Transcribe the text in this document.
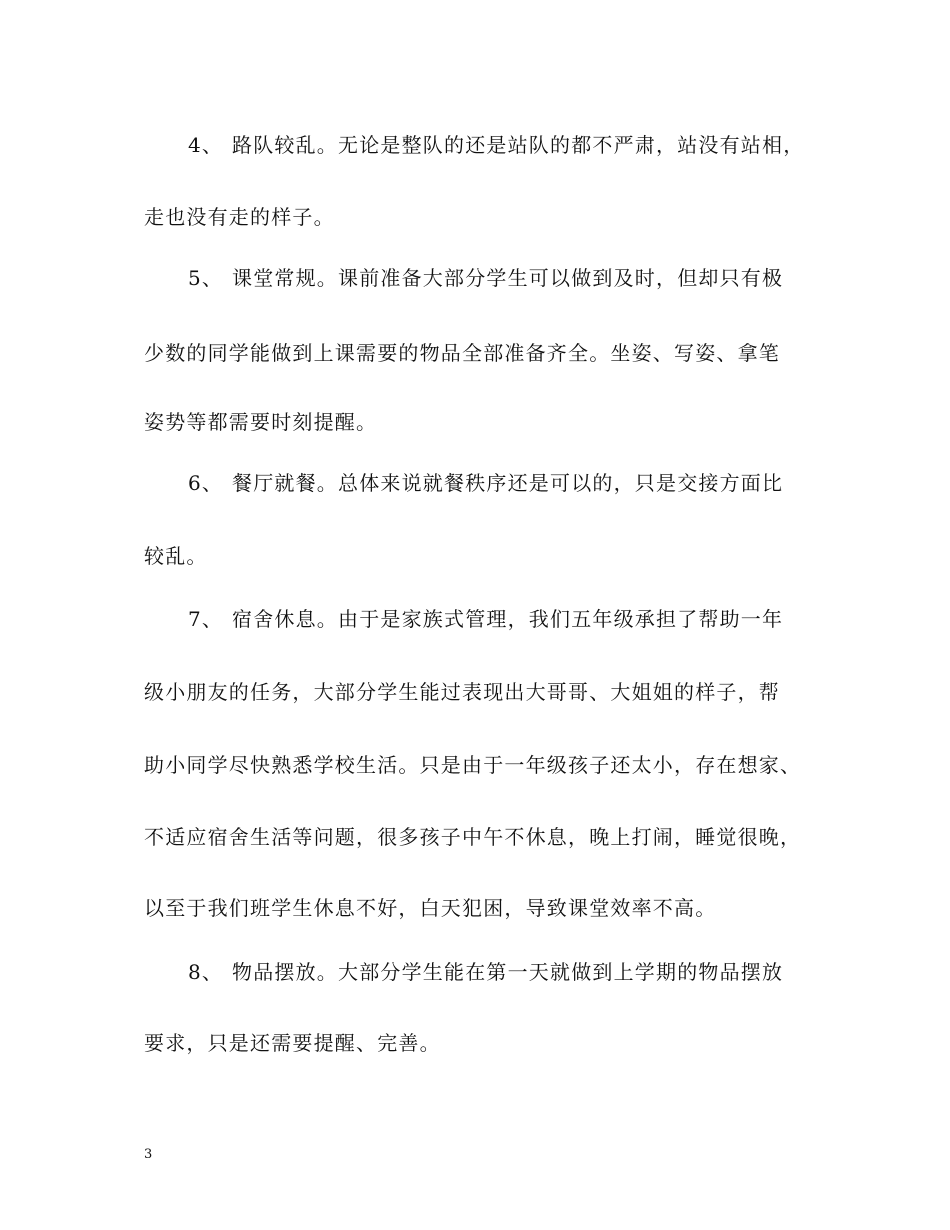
4、 路队较乱。无论是整队的还是站队的都不严肃，站没有站相，
走也没有走的样子。
5、 课堂常规。课前准备大部分学生可以做到及时，但却只有极
少数的同学能做到上课需要的物品全部准备齐全。坐姿、写姿、拿笔
姿势等都需要时刻提醒。
6、 餐厅就餐。总体来说就餐秩序还是可以的，只是交接方面比
较乱。
7、 宿舍休息。由于是家族式管理，我们五年级承担了帮助一年
级小朋友的任务，大部分学生能过表现出大哥哥、大姐姐的样子，帮
助小同学尽快熟悉学校生活。只是由于一年级孩子还太小，存在想家、
不适应宿舍生活等问题，很多孩子中午不休息，晚上打闹，睡觉很晚，
以至于我们班学生休息不好，白天犯困，导致课堂效率不高。
8、 物品摆放。大部分学生能在第一天就做到上学期的物品摆放
要求，只是还需要提醒、完善。
3
